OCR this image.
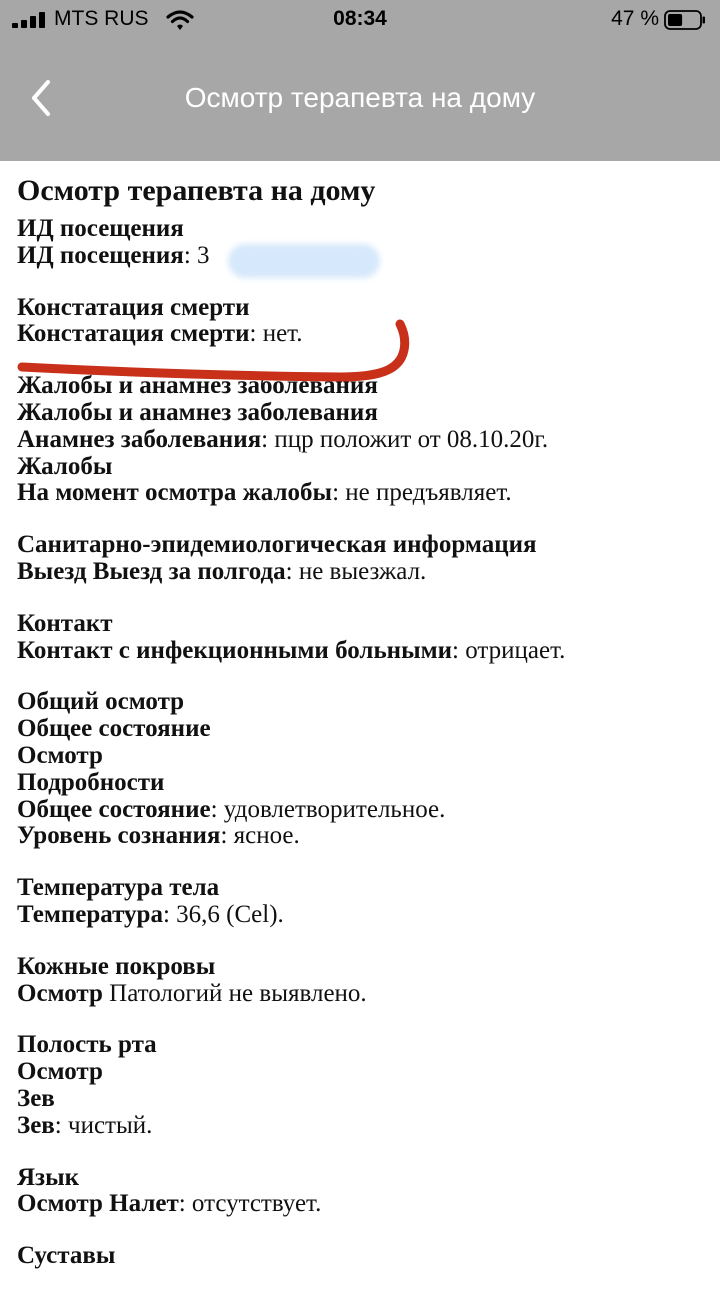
MTS RUS	08:34	47 %
Осмотр терапевта на дому
Осмотр терапевта на дому
ИД посещения
ИД посещения: 3
Констатация смерти
Констатация смерти: нет.
Жалобы и анамнез заболевания
Жалобы и анамнез заболевания
Анамнез заболевания: пцр положит от 08.10.20г.
Жалобы
На момент осмотра жалобы: не предъявляет.
Санитарно-эпидемиологическая информация
Выезд Выезд за полгода: не выезжал.
Контакт
Контакт с инфекционными больными: отрицает.
Общий осмотр
Общее состояние
Осмотр
Подробности
Общее состояние: удовлетворительное.
Уровень сознания: ясное.
Температура тела
Температура: 36,6 (Cel).
Кожные покровы
Осмотр Патологий не выявлено.
Полость рта
Осмотр
Зев
Зев: чистый.
Язык
Осмотр Налет: отсутствует.
Суставы
